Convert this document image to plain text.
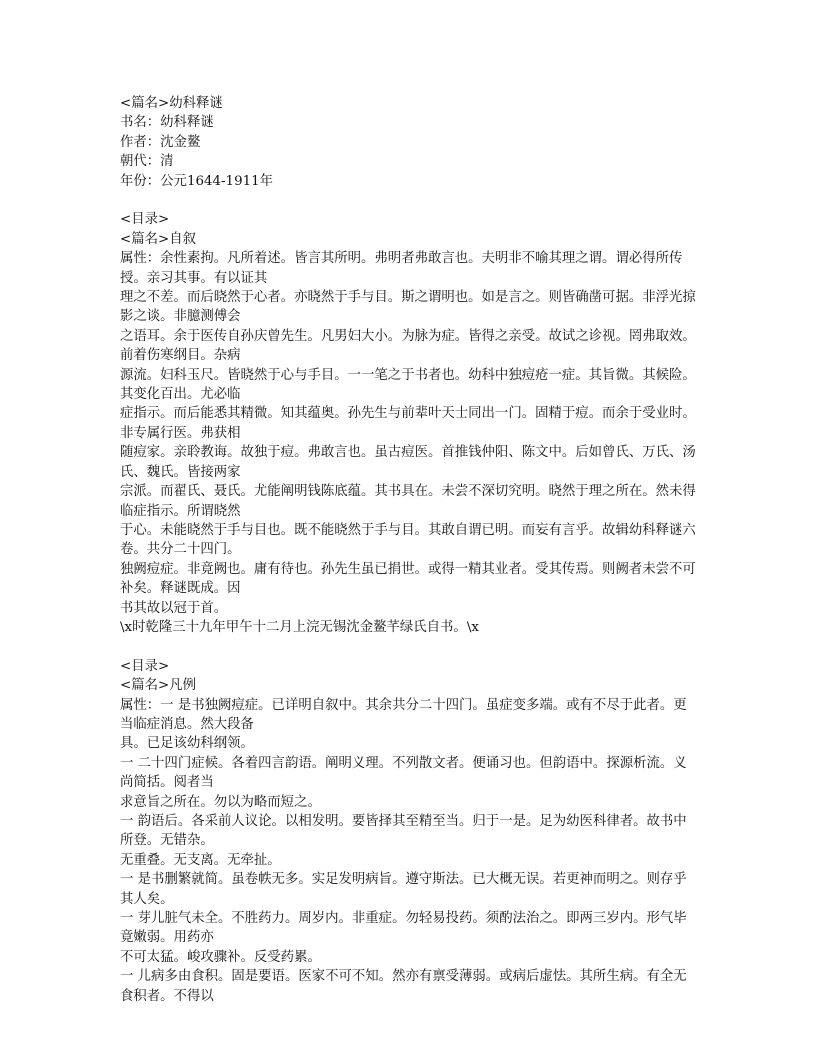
<篇名>幼科释谜
书名：幼科释谜
作者：沈金鳌
朝代：清
年份：公元1644-1911年
<目录>
<篇名>自叙
属性：余性素拘。凡所着述。皆言其所明。弗明者弗敢言也。夫明非不喻其理之谓。谓必得所传授。亲习其事。有以证其
理之不差。而后晓然于心者。亦晓然于手与目。斯之谓明也。如是言之。则皆确凿可据。非浮光掠影之谈。非臆测傅会
之语耳。余于医传自孙庆曾先生。凡男妇大小。为脉为症。皆得之亲受。故试之诊视。罔弗取效。前着伤寒纲目。杂病
源流。妇科玉尺。皆晓然于心与手目。一一笔之于书者也。幼科中独痘疮一症。其旨微。其候险。其变化百出。尤必临
症指示。而后能悉其精微。知其蕴奥。孙先生与前辈叶天士同出一门。固精于痘。而余于受业时。非专属行医。弗获相
随痘家。亲聆教诲。故独于痘。弗敢言也。虽古痘医。首推钱仲阳、陈文中。后如曾氏、万氏、汤氏、魏氏。皆接两家
宗派。而翟氏、聂氏。尤能阐明钱陈底蕴。其书具在。未尝不深切究明。晓然于理之所在。然未得临症指示。所谓晓然
于心。未能晓然于手与目也。既不能晓然于手与目。其敢自谓已明。而妄有言乎。故辑幼科释谜六卷。共分二十四门。
独阙痘症。非竟阙也。庸有待也。孙先生虽已捐世。或得一精其业者。受其传焉。则阙者未尝不可补矣。释谜既成。因
书其故以冠于首。
\x时乾隆三十九年甲午十二月上浣无锡沈金鳌芊绿氏自书。\x
<目录>
<篇名>凡例
属性：一 是书独阙痘症。已详明自叙中。其余共分二十四门。虽症变多端。或有不尽于此者。更当临症消息。然大段备
具。已足该幼科纲领。
一 二十四门症候。各着四言韵语。阐明义理。不列散文者。便诵习也。但韵语中。探源析流。义尚简括。阅者当
求意旨之所在。勿以为略而短之。
一 韵语后。各采前人议论。以相发明。要皆择其至精至当。归于一是。足为幼医科律者。故书中所登。无错杂。
无重叠。无支离。无牵扯。
一 是书删繁就简。虽卷帙无多。实足发明病旨。遵守斯法。已大概无误。若更神而明之。则存乎其人矣。
一 芽儿脏气未全。不胜药力。周岁内。非重症。勿轻易投药。须酌法治之。即两三岁内。形气毕竟嫩弱。用药亦
不可太猛。峻攻骤补。反受药累。
一 儿病多由食积。固是要语。医家不可不知。然亦有禀受薄弱。或病后虚怯。其所生病。有全无食积者。不得以
